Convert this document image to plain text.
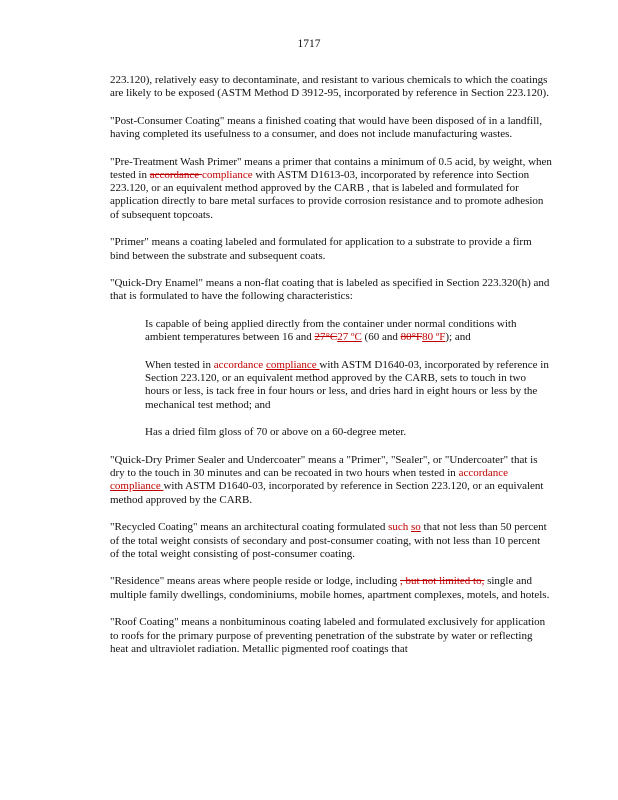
1717

223.120), relatively easy to decontaminate, and resistant to various chemicals to which the coatings are likely to be exposed (ASTM Method D 3912-95, incorporated by reference in Section 223.120).

"Post-Consumer Coating" means a finished coating that would have been disposed of in a landfill, having completed its usefulness to a consumer, and does not include manufacturing wastes.

"Pre-Treatment Wash Primer" means a primer that contains a minimum of 0.5 acid, by weight, when tested in accordance compliance with ASTM D1613-03, incorporated by reference into Section 223.120, or an equivalent method approved by the CARB , that is labeled and formulated for application directly to bare metal surfaces to provide corrosion resistance and to promote adhesion of subsequent topcoats.

"Primer" means a coating labeled and formulated for application to a substrate to provide a firm bind between the substrate and subsequent coats.

"Quick-Dry Enamel" means a non-flat coating that is labeled as specified in Section 223.320(h) and that is formulated to have the following characteristics:

Is capable of being applied directly from the container under normal conditions with ambient temperatures between 16 and 27°C27 ºC (60 and 80°F80 ºF); and

When tested in accordance compliance with ASTM D1640-03, incorporated by reference in Section 223.120, or an equivalent method approved by the CARB, sets to touch in two hours or less, is tack free in four hours or less, and dries hard in eight hours or less by the mechanical test method; and

Has a dried film gloss of 70 or above on a 60-degree meter.

"Quick-Dry Primer Sealer and Undercoater" means a "Primer", "Sealer", or "Undercoater" that is dry to the touch in 30 minutes and can be recoated in two hours when tested in accordance compliance with ASTM D1640-03, incorporated by reference in Section 223.120, or an equivalent method approved by the CARB.

"Recycled Coating" means an architectural coating formulated such so that not less than 50 percent of the total weight consists of secondary and post-consumer coating, with not less than 10 percent of the total weight consisting of post-consumer coating.

"Residence" means areas where people reside or lodge, including , but not limited to, single and multiple family dwellings, condominiums, mobile homes, apartment complexes, motels, and hotels.

"Roof Coating" means a nonbituminous coating labeled and formulated exclusively for application to roofs for the primary purpose of preventing penetration of the substrate by water or reflecting heat and ultraviolet radiation. Metallic pigmented roof coatings that
